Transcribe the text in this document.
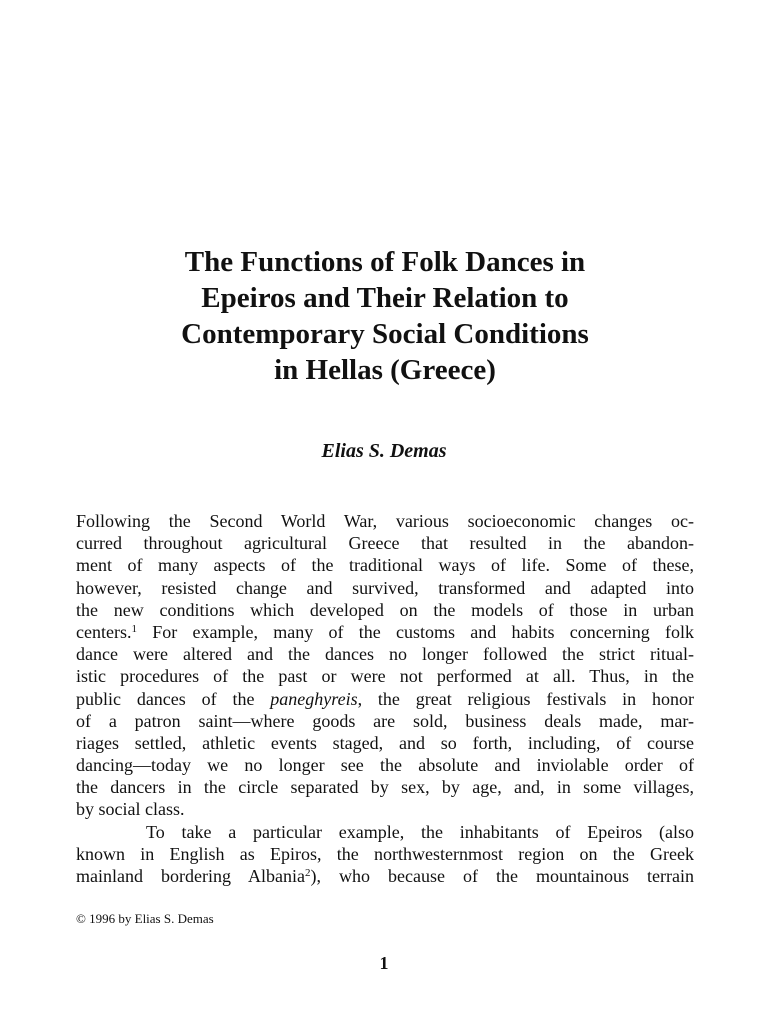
The Functions of Folk Dances in
Epeiros and Their Relation to
Contemporary Social Conditions
in Hellas (Greece)

Elias S. Demas

Following the Second World War, various socioeconomic changes oc-
curred throughout agricultural Greece that resulted in the abandon-
ment of many aspects of the traditional ways of life. Some of these,
however, resisted change and survived, transformed and adapted into
the new conditions which developed on the models of those in urban
centers.$^1$ For example, many of the customs and habits concerning folk
dance were altered and the dances no longer followed the strict ritual-
istic procedures of the past or were not performed at all. Thus, in the
public dances of the paneghyreis, the great religious festivals in honor
of a patron saint—where goods are sold, business deals made, mar-
riages settled, athletic events staged, and so forth, including, of course
dancing—today we no longer see the absolute and inviolable order of
the dancers in the circle separated by sex, by age, and, in some villages,
by social class.
To take a particular example, the inhabitants of Epeiros (also
known in English as Epiros, the northwesternmost region on the Greek
mainland bordering Albania$^2$), who because of the mountainous terrain
© 1996 by Elias S. Demas
1
